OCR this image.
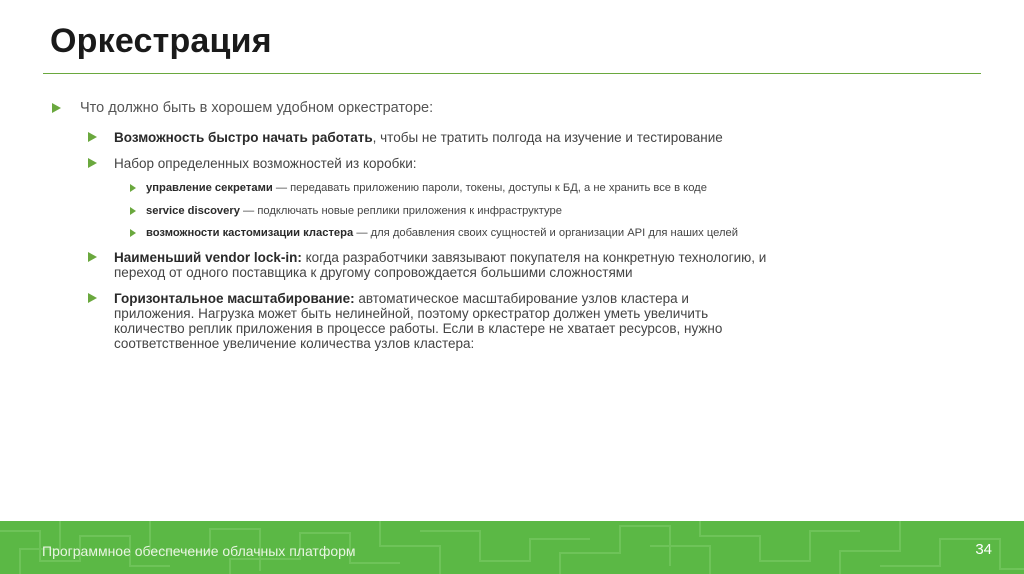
Оркестрация
Что должно быть в хорошем удобном оркестраторе:
Возможность быстро начать работать, чтобы не тратить полгода на изучение и тестирование
Набор определенных возможностей из коробки:
управление секретами — передавать приложению пароли, токены, доступы к БД, а не хранить все в коде
service discovery — подключать новые реплики приложения к инфраструктуре
возможности кастомизации кластера — для добавления своих сущностей и организации API для наших целей
Наименьший vendor lock-in: когда разработчики завязывают покупателя на конкретную технологию, и переход от одного поставщика к другому сопровождается большими сложностями
Горизонтальное масштабирование: автоматическое масштабирование узлов кластера и приложения. Нагрузка может быть нелинейной, поэтому оркестратор должен уметь увеличить количество реплик приложения в процессе работы. Если в кластере не хватает ресурсов, нужно соответственное увеличение количества узлов кластера:
Программное обеспечение облачных платформ	34
